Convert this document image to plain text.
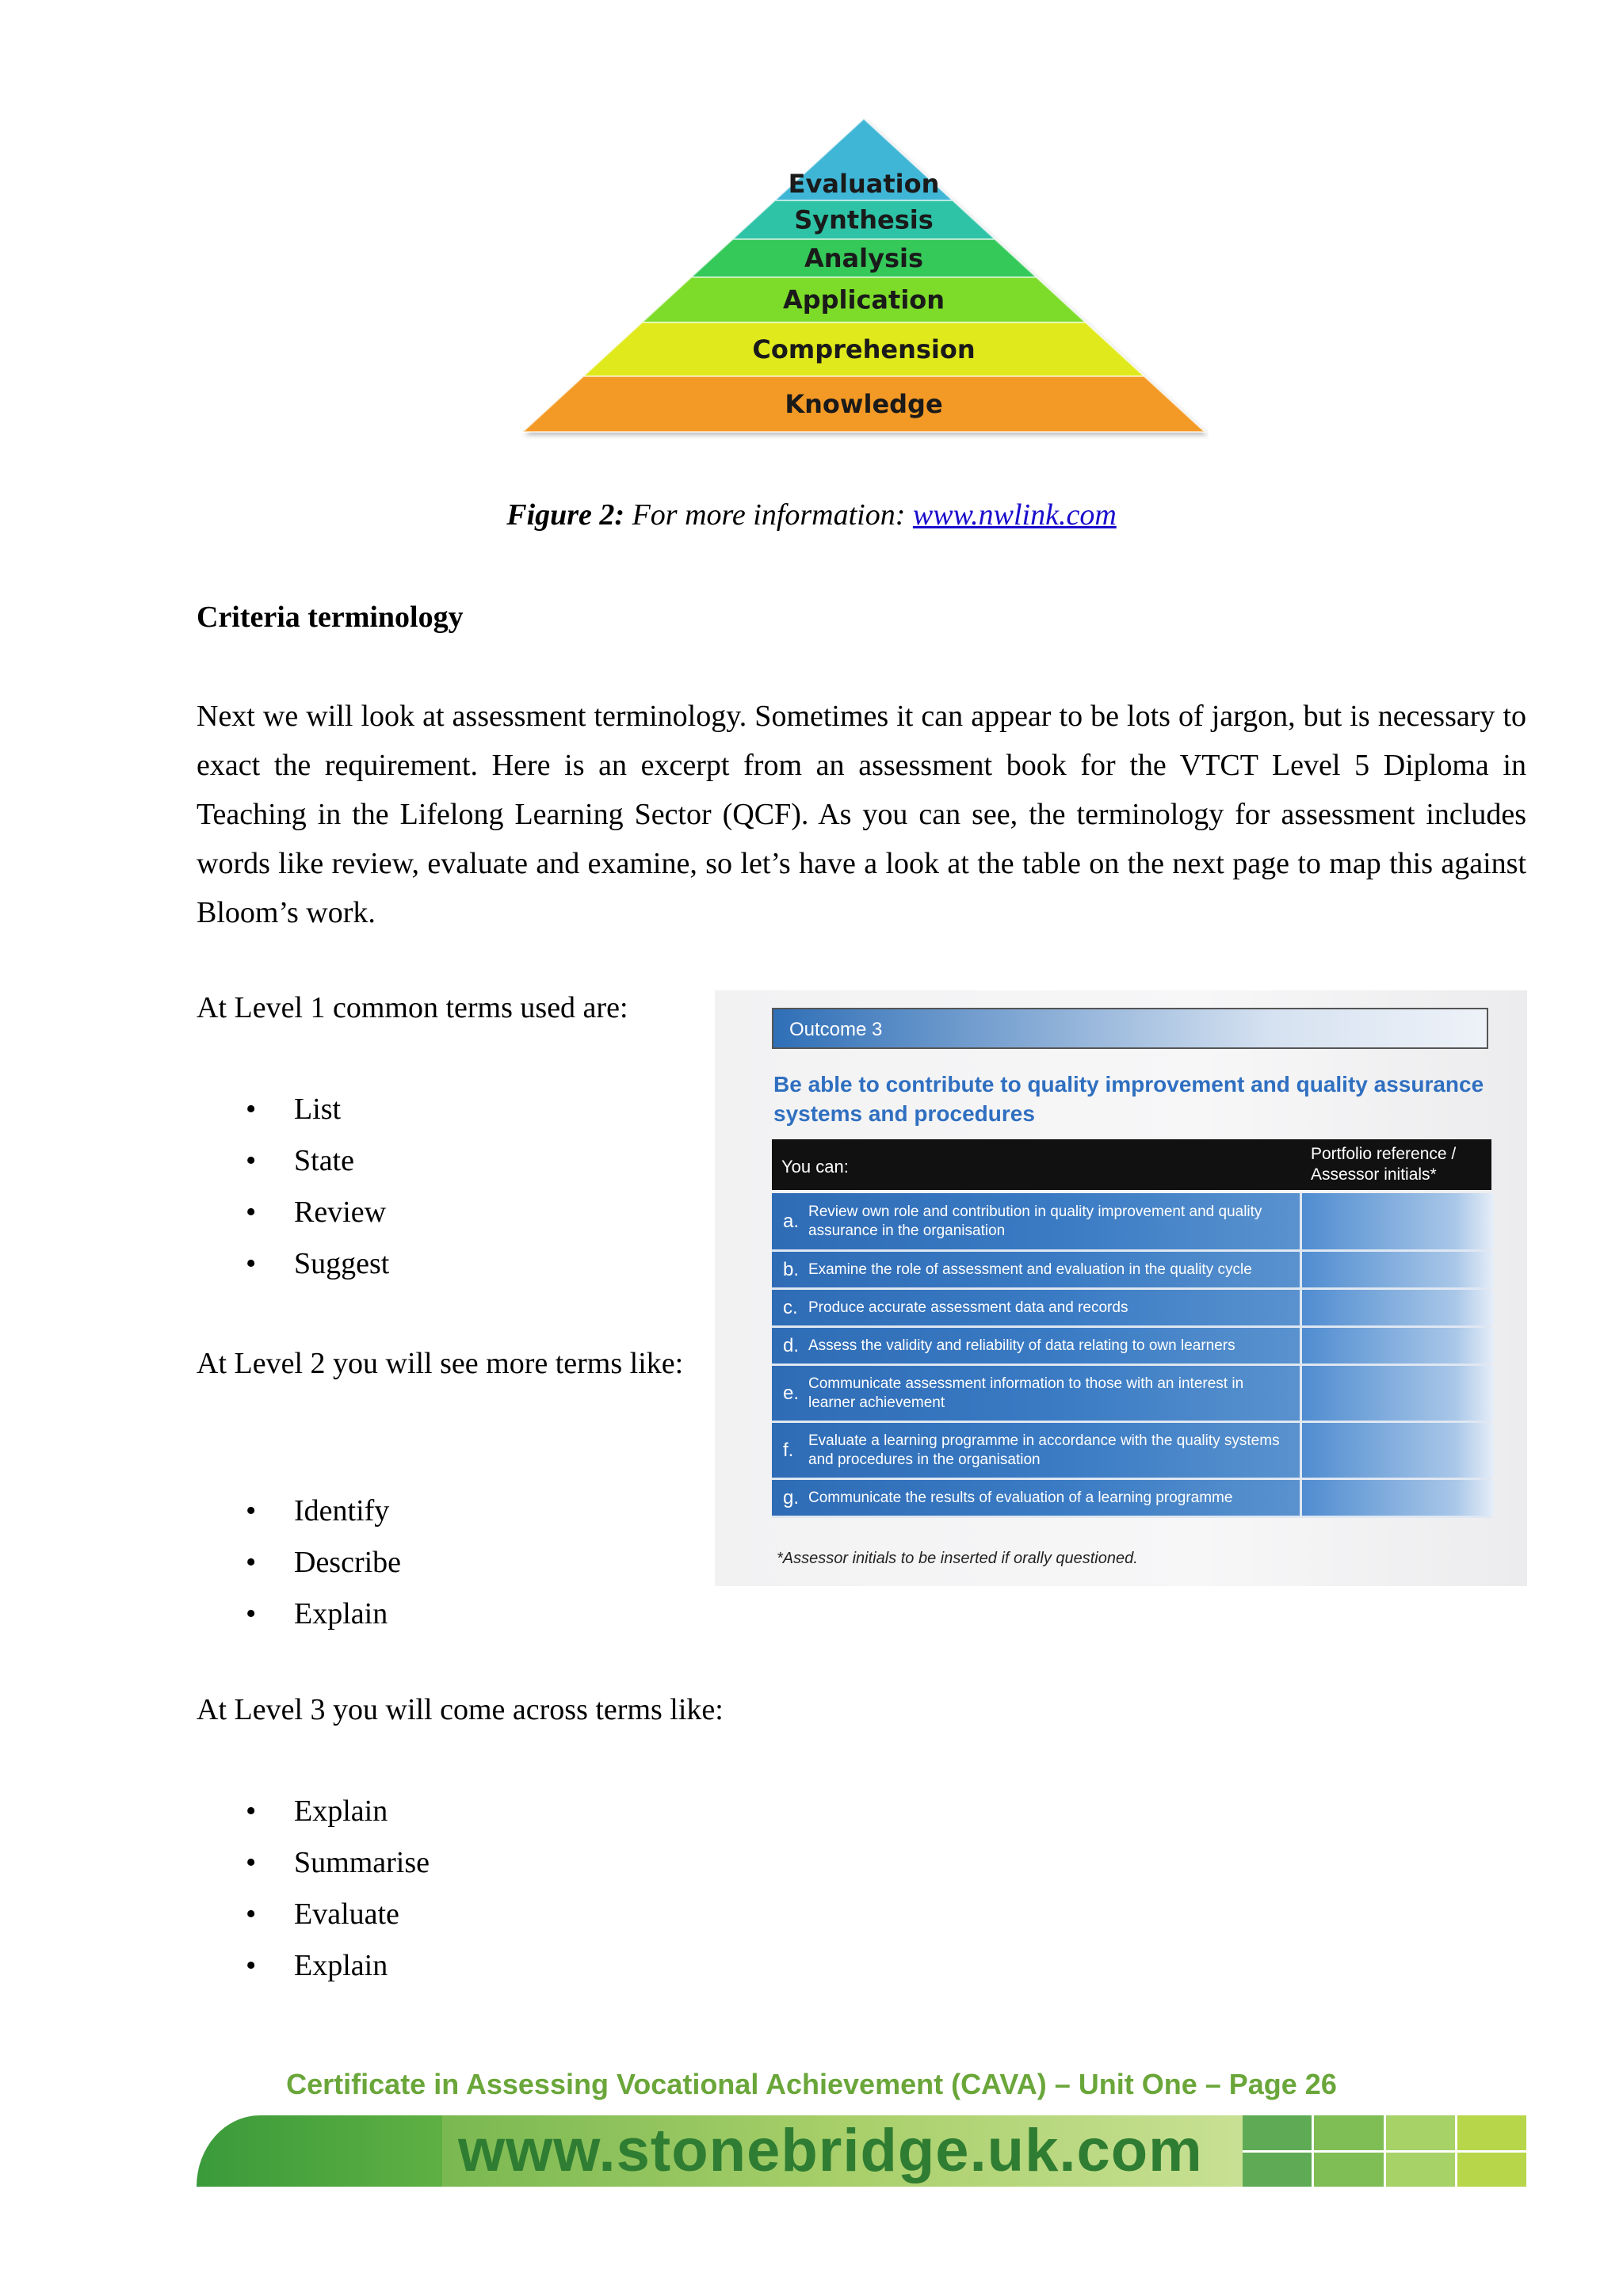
Evaluation
Synthesis
Analysis
Application
Comprehension
Knowledge
Figure 2: For more information: www.nwlink.com
Criteria terminology
Next we will look at assessment terminology. Sometimes it can appear to be lots of jargon, but is necessary to exact the requirement. Here is an excerpt from an assessment book for the VTCT Level 5 Diploma in Teaching in the Lifelong Learning Sector (QCF). As you can see, the terminology for assessment includes words like review, evaluate and examine, so let’s have a look at the table on the next page to map this against Bloom’s work.
At Level 1 common terms used are:
• List
• State
• Review
• Suggest
At Level 2 you will see more terms like:
• Identify
• Describe
• Explain
At Level 3 you will come across terms like:
• Explain
• Summarise
• Evaluate
• Explain
Outcome 3
Be able to contribute to quality improvement and quality assurance systems and procedures
You can:
Portfolio reference / Assessor initials*
a. Review own role and contribution in quality improvement and quality assurance in the organisation
b. Examine the role of assessment and evaluation in the quality cycle
c. Produce accurate assessment data and records
d. Assess the validity and reliability of data relating to own learners
e. Communicate assessment information to those with an interest in learner achievement
f. Evaluate a learning programme in accordance with the quality systems and procedures in the organisation
g. Communicate the results of evaluation of a learning programme
*Assessor initials to be inserted if orally questioned.
Certificate in Assessing Vocational Achievement (CAVA) – Unit One – Page 26
www.stonebridge.uk.com
